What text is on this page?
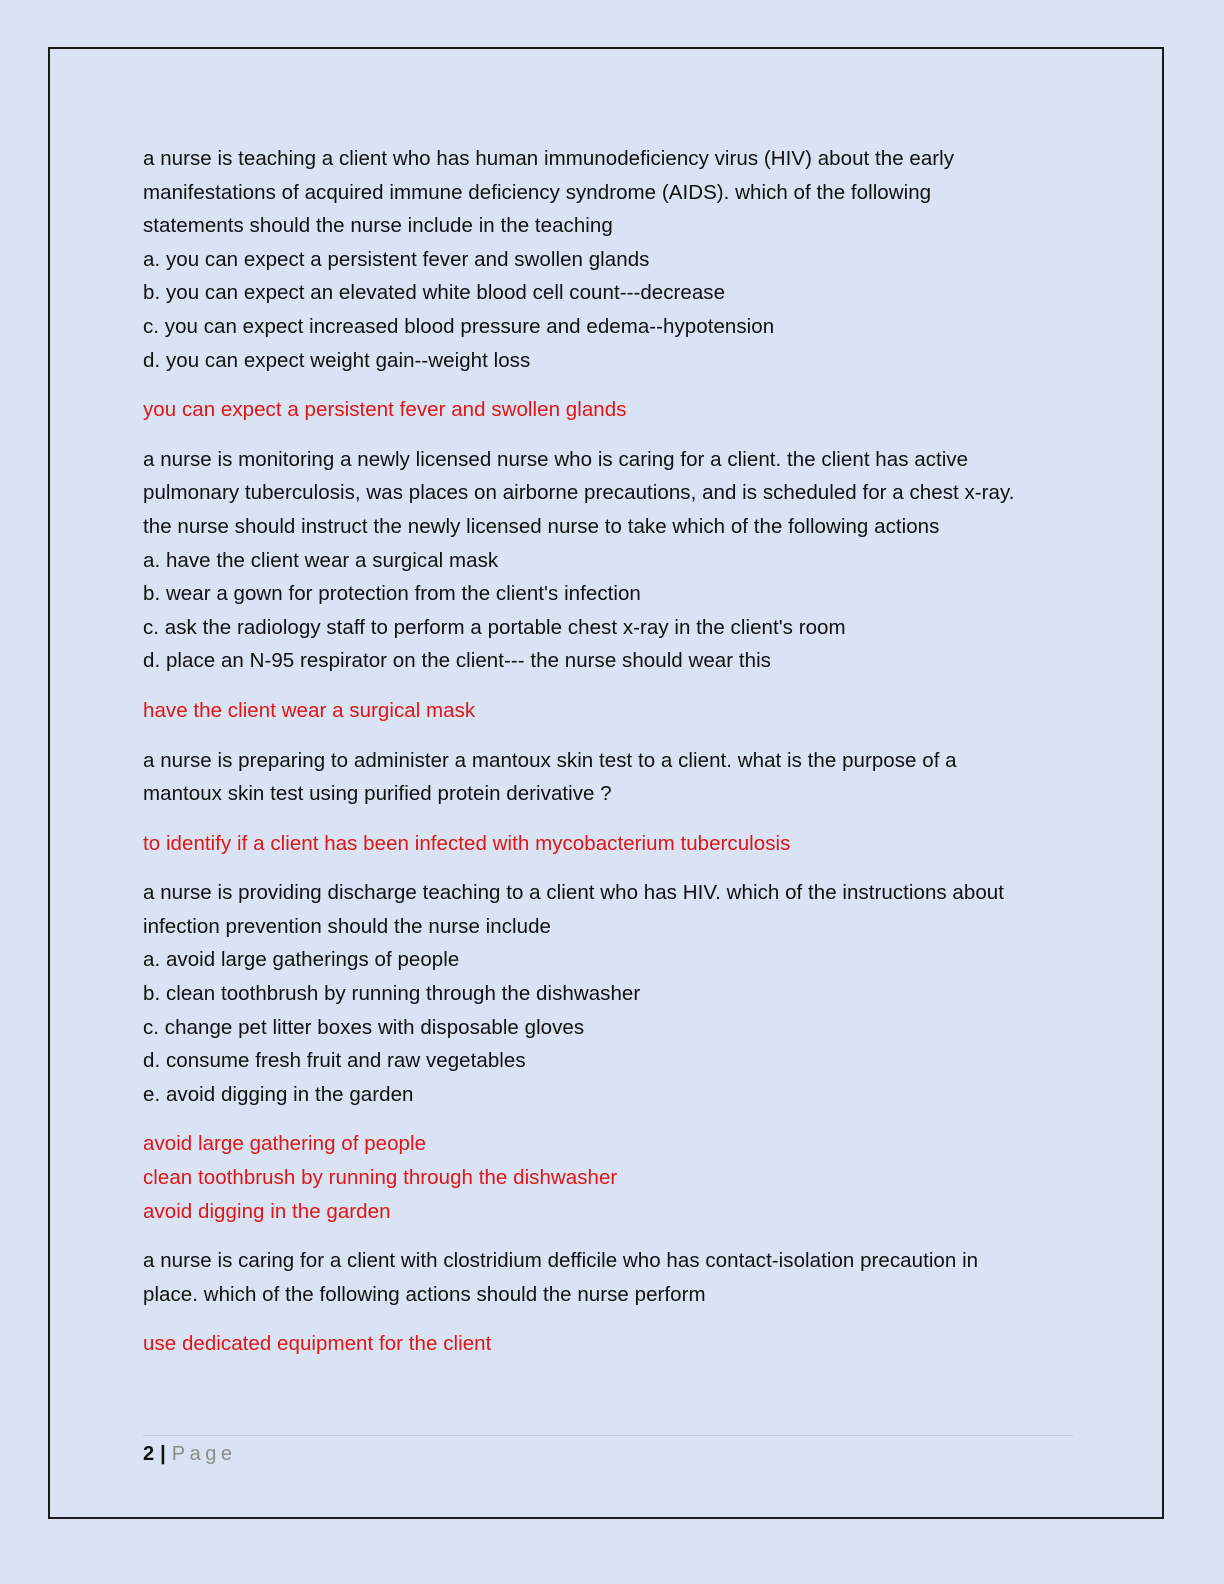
a nurse is teaching a client who has human immunodeficiency virus (HIV) about the early
manifestations of acquired immune deficiency syndrome (AIDS). which of the following
statements should the nurse include in the teaching
a. you can expect a persistent fever and swollen glands
b. you can expect an elevated white blood cell count---decrease
c. you can expect increased blood pressure and edema--hypotension
d. you can expect weight gain--weight loss
you can expect a persistent fever and swollen glands
a nurse is monitoring a newly licensed nurse who is caring for a client. the client has active
pulmonary tuberculosis, was places on airborne precautions, and is scheduled for a chest x-ray.
the nurse should instruct the newly licensed nurse to take which of the following actions
a. have the client wear a surgical mask
b. wear a gown for protection from the client's infection
c. ask the radiology staff to perform a portable chest x-ray in the client's room
d. place an N-95 respirator on the client--- the nurse should wear this
have the client wear a surgical mask
a nurse is preparing to administer a mantoux skin test to a client. what is the purpose of a
mantoux skin test using purified protein derivative ?
to identify if a client has been infected with mycobacterium tuberculosis
a nurse is providing discharge teaching to a client who has HIV. which of the instructions about
infection prevention should the nurse include
a. avoid large gatherings of people
b. clean toothbrush by running through the dishwasher
c. change pet litter boxes with disposable gloves
d. consume fresh fruit and raw vegetables
e. avoid digging in the garden
avoid large gathering of people
clean toothbrush by running through the dishwasher
avoid digging in the garden
a nurse is caring for a client with clostridium defficile who has contact-isolation precaution in
place. which of the following actions should the nurse perform
use dedicated equipment for the client
2 | Page
